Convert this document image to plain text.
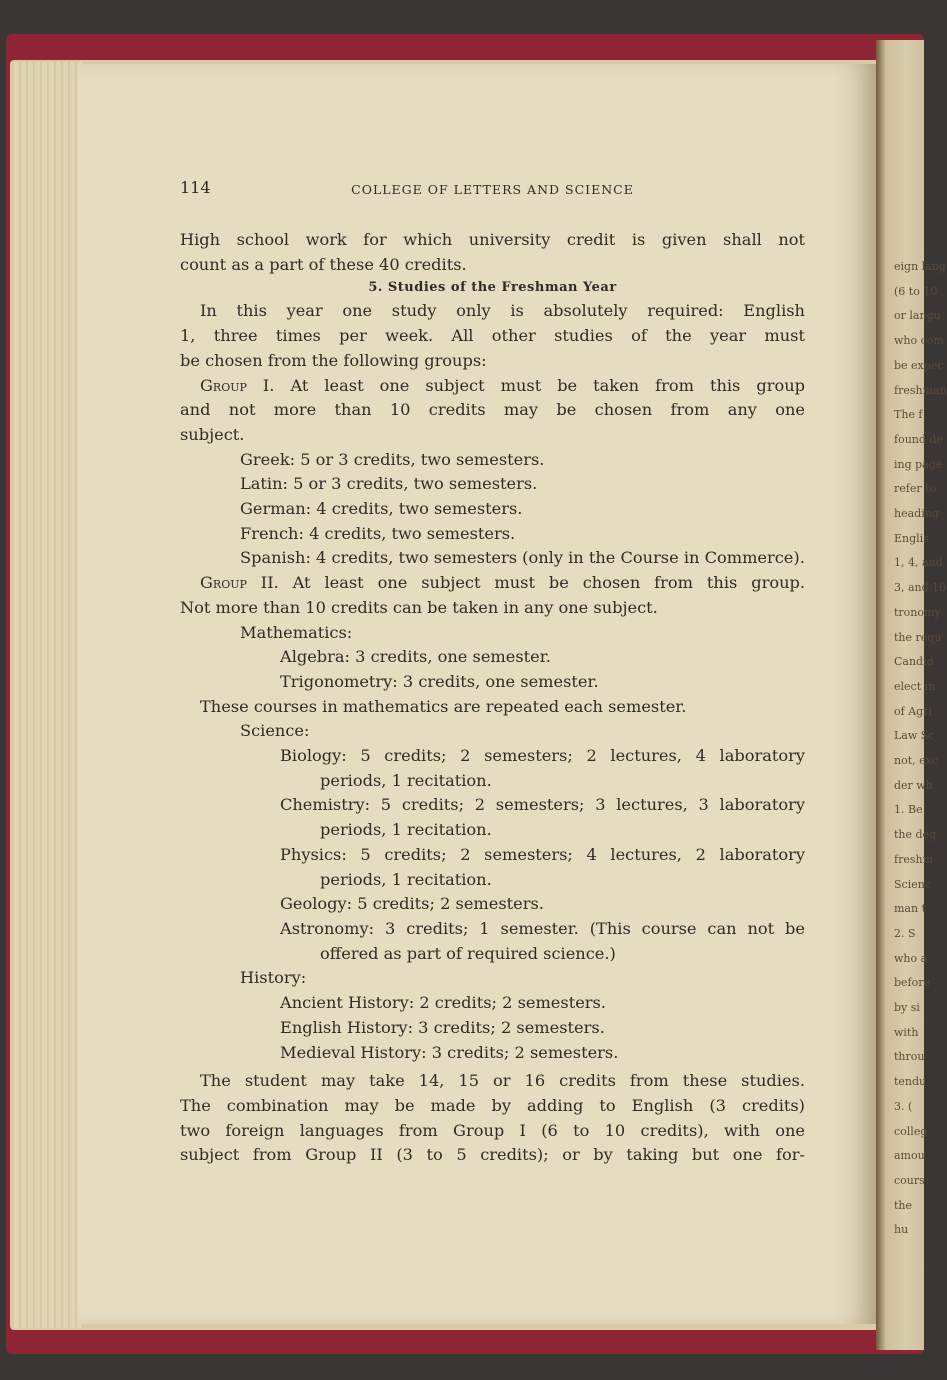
eign lang
(6 to 10
or langu
who com
be expec
freshman
The f
found de
ing page
refer to
heading
Englis
1, 4, and
3, and 10
tronomy
the requ
Candid
elect in
of Agri
Law Sc
not, exc
der wh
1. Be
the deg
freshm
Scienc
man t
2. S
who a
before
by si
with
throu
tendu
3. (
colleg
amou
cours
the
hu
114	COLLEGE OF LETTERS AND SCIENCE

High school work for which university credit is given shall not

count as a part of these 40 credits.

5. Studies of the Freshman Year

In this year one study only is absolutely required: English

1, three times per week. All other studies of the year must

be chosen from the following groups:

Group I. At least one subject must be taken from this group

and not more than 10 credits may be chosen from any one

subject.

Greek: 5 or 3 credits, two semesters.

Latin: 5 or 3 credits, two semesters.

German: 4 credits, two semesters.

French: 4 credits, two semesters.

Spanish: 4 credits, two semesters (only in the Course in Commerce).

Group II. At least one subject must be chosen from this group.

Not more than 10 credits can be taken in any one subject.

Mathematics:

Algebra: 3 credits, one semester.

Trigonometry: 3 credits, one semester.

These courses in mathematics are repeated each semester.

Science:

Biology: 5 credits; 2 semesters; 2 lectures, 4 laboratory periods, 1 recitation.

Chemistry: 5 credits; 2 semesters; 3 lectures, 3 laboratory periods, 1 recitation.

Physics: 5 credits; 2 semesters; 4 lectures, 2 laboratory periods, 1 recitation.

Geology: 5 credits; 2 semesters.

Astronomy: 3 credits; 1 semester. (This course can not be offered as part of required science.)

History:

Ancient History: 2 credits; 2 semesters.

English History: 3 credits; 2 semesters.

Medieval History: 3 credits; 2 semesters.

The student may take 14, 15 or 16 credits from these studies.

The combination may be made by adding to English (3 credits)

two foreign languages from Group I (6 to 10 credits), with one

subject from Group II (3 to 5 credits); or by taking but one for-
